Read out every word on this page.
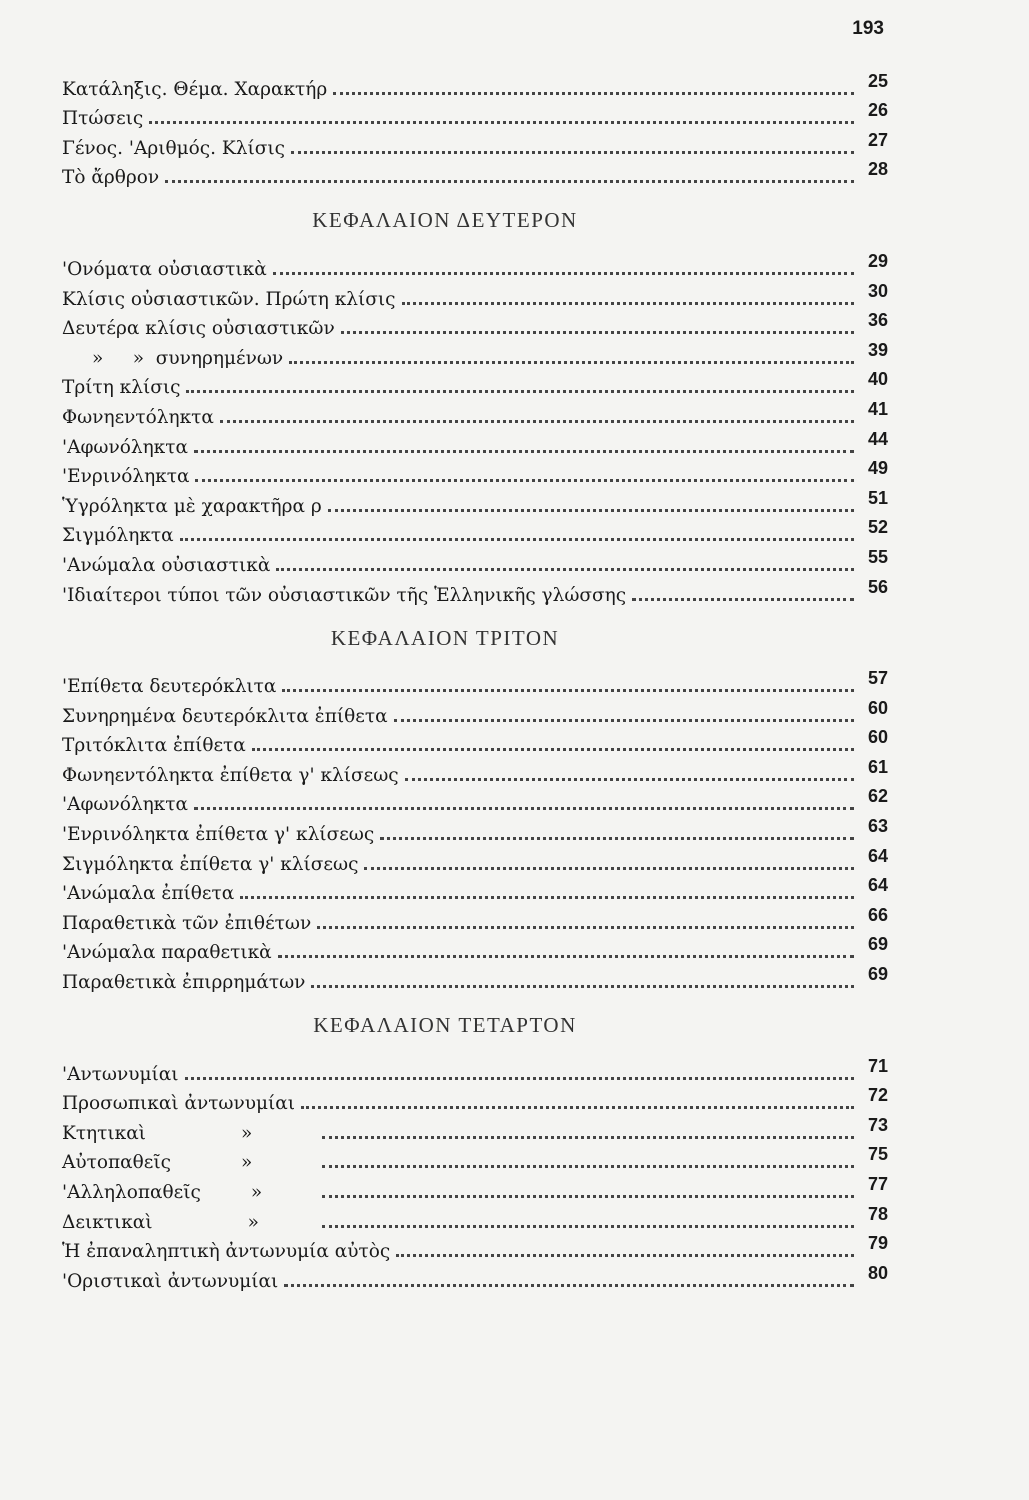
193
Κατάληξις. Θέμα. Χαρακτήρ	25
Πτώσεις	26
Γένος. 'Αριθμός. Κλίσις	27
Τὸ ἄρθρον	28
ΚΕΦΑΛΑΙΟΝ ΔΕΥΤΕΡΟΝ
'Ονόματα οὐσιαστικὰ	29
Κλίσις οὐσιαστικῶν. Πρώτη κλίσις	30
Δευτέρα κλίσις οὐσιαστικῶν	36
»     »  συνηρημένων	39
Τρίτη κλίσις	40
Φωνηεντόληκτα	41
'Αφωνόληκτα	44
'Ενρινόληκτα	49
Ὑγρόληκτα μὲ χαρακτῆρα ρ	51
Σιγμόληκτα	52
'Ανώμαλα οὐσιαστικὰ	55
'Ιδιαίτεροι τύποι τῶν οὐσιαστικῶν τῆς Ἑλληνικῆς γλώσσης	56
ΚΕΦΑΛΑΙΟΝ ΤΡΙΤΟΝ
'Επίθετα δευτερόκλιτα	57
Συνηρημένα δευτερόκλιτα ἐπίθετα	60
Τριτόκλιτα ἐπίθετα	60
Φωνηεντόληκτα ἐπίθετα γ' κλίσεως	61
'Αφωνόληκτα	62
'Ενρινόληκτα ἐπίθετα γ' κλίσεως	63
Σιγμόληκτα ἐπίθετα γ' κλίσεως	64
'Ανώμαλα ἐπίθετα	64
Παραθετικὰ τῶν ἐπιθέτων	66
'Ανώμαλα παραθετικὰ	69
Παραθετικὰ ἐπιρρημάτων	69
ΚΕΦΑΛΑΙΟΝ ΤΕΤΑΡΤΟΝ
'Αντωνυμίαι	71
Προσωπικαὶ ἀντωνυμίαι	72
Κτητικαὶ	»	73
Αὐτοπαθεῖς	»	75
'Αλληλοπαθεῖς	»	77
Δεικτικαὶ	»	78
Ἡ ἐπαναληπτικὴ ἀντωνυμία αὐτὸς	79
'Οριστικαὶ ἀντωνυμίαι	80
